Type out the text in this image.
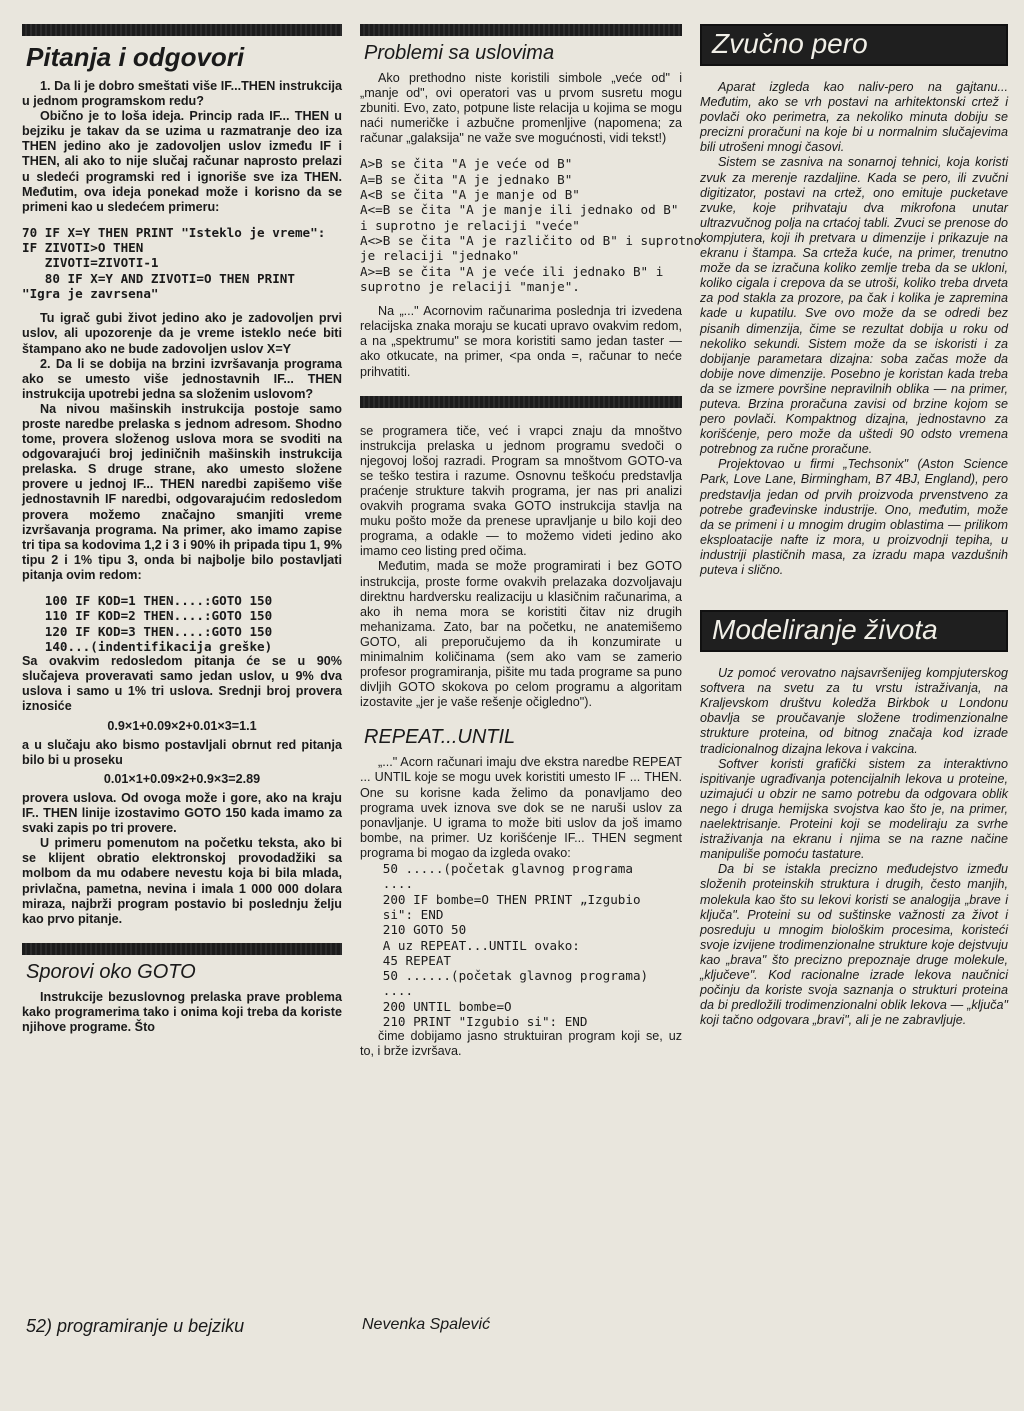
Pitanja i odgovori

1. Da li je dobro smeštati više IF...THEN instrukcija u jednom programskom redu?

Obično je to loša ideja. Princip rada IF... THEN u bejziku je takav da se uzima u razmatranje deo iza THEN jedino ako je zadovoljen uslov između IF i THEN, ali ako to nije slučaj računar naprosto prelazi u sledeći programski red i ignoriše sve iza THEN. Međutim, ova ideja ponekad može i korisno da se primeni kao u sledećem primeru:

70 IF X=Y THEN PRINT "Isteklo je vreme":
IF ZIVOTI>O THEN
ZIVOTI=ZIVOTI-1
80 IF X=Y AND ZIVOTI=O THEN PRINT
"Igra je zavrsena"

Tu igrač gubi život jedino ako je zadovoljen prvi uslov, ali upozorenje da je vreme isteklo neće biti štampano ako ne bude zadovoljen uslov X=Y

2. Da li se dobija na brzini izvršavanja programa ako se umesto više jednostavnih IF... THEN instrukcija upotrebi jedna sa složenim uslovom?

Na nivou mašinskih instrukcija postoje samo proste naredbe prelaska s jednom adresom. Shodno tome, provera složenog uslova mora se svoditi na odgovarajući broj jediničnih mašinskih instrukcija prelaska. S druge strane, ako umesto složene provere u jednoj IF... THEN naredbi zapišemo više jednostavnih IF naredbi, odgovarajućim redosledom provera možemo značajno smanjiti vreme izvršavanja programa. Na primer, ako imamo zapise tri tipa sa kodovima 1,2 i 3 i 90% ih pripada tipu 1, 9% tipu 2 i 1% tipu 3, onda bi najbolje bilo postavljati pitanja ovim redom:

100 IF KOD=1 THEN....:GOTO 150
110 IF KOD=2 THEN....:GOTO 150
120 IF KOD=3 THEN....:GOTO 150
140...(indentifikacija greške)

Sa ovakvim redosledom pitanja će se u 90% slučajeva proveravati samo jedan uslov, u 9% dva uslova i samo u 1% tri uslova. Srednji broj provera iznosiće

0.9×1+0.09×2+0.01×3=1.1

a u slučaju ako bismo postavljali obrnut red pitanja bilo bi u proseku

0.01×1+0.09×2+0.9×3=2.89

provera uslova. Od ovoga može i gore, ako na kraju IF.. THEN linije izostavimo GOTO 150 kada imamo za svaki zapis po tri provere.

U primeru pomenutom na početku teksta, ako bi se klijent obratio elektronskoj provodadžiki sa molbom da mu odabere nevestu koja bi bila mlada, privlačna, pametna, nevina i imala 1 000 000 dolara miraza, najbrži program postavio bi poslednju želju kao prvo pitanje.

Sporovi oko GOTO

Instrukcije bezuslovnog prelaska prave problema kako programerima tako i onima koji treba da koriste njihove programe. Što

52) programiranje u bejziku
Problemi sa uslovima

Ako prethodno niste koristili simbole „veće od" i „manje od", ovi operatori vas u prvom susretu mogu zbuniti. Evo, zato, potpune liste relacija u kojima se mogu naći numeričke i azbučne promenljive (napomena; za računar „galaksija" ne važe sve mogućnosti, vidi tekst!)

A>B se čita "A je veće od B"
A=B se čita "A je jednako B"
A<B se čita "A je manje od B"
A<=B se čita "A je manje ili jednako od B"
i suprotno je relaciji "veće"
A<>B se čita "A je različito od B" i suprotno
je relaciji "jednako"
A>=B se čita "A je veće ili jednako B" i
suprotno je relaciji "manje".

Na „..." Acornovim računarima poslednja tri izvedena relacijska znaka moraju se kucati upravo ovakvim redom, a na „spektrumu" se mora koristiti samo jedan taster — ako otkucate, na primer, <pa onda =, računar to neće prihvatiti.

se programera tiče, već i vrapci znaju da mnoštvo instrukcija prelaska u jednom programu svedoči o njegovoj lošoj razradi. Program sa mnoštvom GOTO-va se teško testira i razume. Osnovnu teškoću predstavlja praćenje strukture takvih programa, jer nas pri analizi ovakvih programa svaka GOTO instrukcija stavlja na muku pošto može da prenese upravljanje u bilo koji deo programa, a odakle — to možemo videti jedino ako imamo ceo listing pred očima.

Međutim, mada se može programirati i bez GOTO instrukcija, proste forme ovakvih prelazaka dozvoljavaju direktnu hardversku realizaciju u klasičnim računarima, a ako ih nema mora se koristiti čitav niz drugih mehanizama. Zato, bar na početku, ne anatemišemo GOTO, ali preporučujemo da ih konzumirate u minimalnim količinama (sem ako vam se zamerio profesor programiranja, pišite mu tada programe sa puno divljih GOTO skokova po celom programu a algoritam izostavite „jer je vaše rešenje očigledno").

REPEAT...UNTIL

„..." Acorn računari imaju dve ekstra naredbe REPEAT ... UNTIL koje se mogu uvek koristiti umesto IF ... THEN. One su korisne kada želimo da ponavljamo deo programa uvek iznova sve dok se ne naruši uslov za ponavljanje. U igrama to može biti uslov da još imamo bombe, na primer. Uz korišćenje IF... THEN segment programa bi mogao da izgleda ovako:

50 .....(početak glavnog programa
....
200 IF bombe=O THEN PRINT „Izgubio
si": END
210 GOTO 50
A uz REPEAT...UNTIL ovako:
45 REPEAT
50 ......(početak glavnog programa)
....
200 UNTIL bombe=O
210 PRINT "Izgubio si": END

čime dobijamo jasno struktuiran program koji se, uz to, i brže izvršava.

Nevenka Spalević
Zvučno pero

Aparat izgleda kao naliv-pero na gajtanu... Međutim, ako se vrh postavi na arhitektonski crtež i povlači oko perimetra, za nekoliko minuta dobiju se precizni proračuni na koje bi u normalnim slučajevima bili utrošeni mnogi časovi.

Sistem se zasniva na sonarnoj tehnici, koja koristi zvuk za merenje razdaljine. Kada se pero, ili zvučni digitizator, postavi na crtež, ono emituje pucketave zvuke, koje prihvataju dva mikrofona unutar ultrazvučnog polja na crtaćoj tabli. Zvuci se prenose do kompjutera, koji ih pretvara u dimenzije i prikazuje na ekranu i štampa. Sa crteža kuće, na primer, trenutno može da se izračuna koliko zemlje treba da se ukloni, koliko cigala i crepova da se utroši, koliko treba drveta za pod stakla za prozore, pa čak i kolika je zapremina kade u kupatilu. Sve ovo može da se odredi bez pisanih dimenzija, čime se rezultat dobija u roku od nekoliko sekundi. Sistem može da se iskoristi i za dobijanje parametara dizajna: soba začas može da dobije nove dimenzije. Posebno je koristan kada treba da se izmere površine nepravilnih oblika — na primer, puteva. Brzina proračuna zavisi od brzine kojom se pero povlači. Kompaktnog dizajna, jednostavno za korišćenje, pero može da uštedi 90 odsto vremena potrebnog za ručne proračune.

Projektovao u firmi „Techsonix" (Aston Science Park, Love Lane, Birmingham, B7 4BJ, England), pero predstavlja jedan od prvih proizvoda prvenstveno za potrebe građevinske industrije. Ono, međutim, može da se primeni i u mnogim drugim oblastima — prilikom eksploatacije nafte iz mora, u proizvodnji tepiha, u industriji plastičnih masa, za izradu mapa vazdušnih puteva i slično.

Modeliranje života

Uz pomoć verovatno najsavršenijeg kompjuterskog softvera na svetu za tu vrstu istraživanja, na Kraljevskom društvu koledža Birkbok u Londonu obavlja se proučavanje složene trodimenzionalne strukture proteina, od bitnog značaja kod izrade tradicionalnog dizajna lekova i vakcina.

Softver koristi grafički sistem za interaktivno ispitivanje ugrađivanja potencijalnih lekova u proteine, uzimajući u obzir ne samo potrebu da odgovara oblik nego i druga hemijska svojstva kao što je, na primer, naelektrisanje. Proteini koji se modeliraju za svrhe istraživanja na ekranu i njima se na razne načine manipuliše pomoću tastature.

Da bi se istakla precizno međudejstvo između složenih proteinskih struktura i drugih, često manjih, molekula kao što su lekovi koristi se analogija „brave i ključa". Proteini su od suštinske važnosti za život i posreduju u mnogim biološkim procesima, koristeći svoje izvijene trodimenzionalne strukture koje dejstvuju kao „brava" što precizno prepoznaje druge molekule, „ključeve". Kod racionalne izrade lekova naučnici počinju da koriste svoja saznanja o strukturi proteina da bi predložili trodimenzionalni oblik lekova — „ključa" koji tačno odgovara „bravi", ali je ne zabravljuje.
